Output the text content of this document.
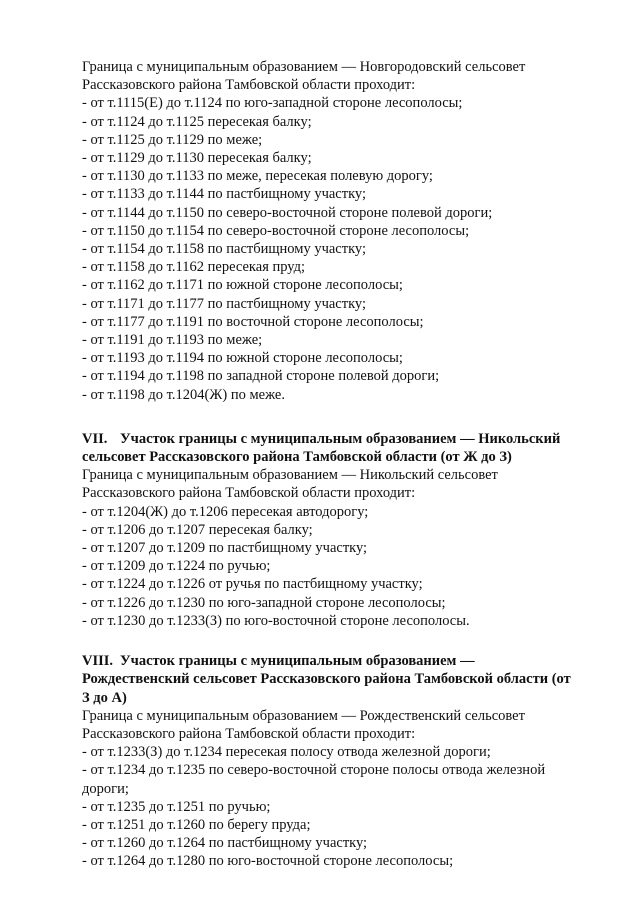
Граница с муниципальным образованием — Новгородовский сельсовет
Рассказовского района Тамбовской области проходит:
- от т.1115(Е) до т.1124 по юго-западной стороне лесополосы;
- от т.1124 до т.1125 пересекая балку;
- от т.1125 до т.1129 по меже;
- от т.1129 до т.1130 пересекая балку;
- от т.1130 до т.1133 по меже, пересекая полевую дорогу;
- от т.1133 до т.1144 по пастбищному участку;
- от т.1144 до т.1150 по северо-восточной стороне полевой дороги;
- от т.1150 до т.1154 по северо-восточной стороне лесополосы;
- от т.1154 до т.1158 по пастбищному участку;
- от т.1158 до т.1162 пересекая пруд;
- от т.1162 до т.1171 по южной стороне лесополосы;
- от т.1171 до т.1177 по пастбищному участку;
- от т.1177 до т.1191 по восточной стороне лесополосы;
- от т.1191 до т.1193 по меже;
- от т.1193 до т.1194 по южной стороне лесополосы;
- от т.1194 до т.1198 по западной стороне полевой дороги;
- от т.1198 до т.1204(Ж) по меже.
VII. Участок границы с муниципальным образованием — Никольский
сельсовет Рассказовского района Тамбовской области (от Ж до З)
Граница с муниципальным образованием — Никольский сельсовет
Рассказовского района Тамбовской области проходит:
- от т.1204(Ж) до т.1206 пересекая автодорогу;
- от т.1206 до т.1207 пересекая балку;
- от т.1207 до т.1209 по пастбищному участку;
- от т.1209 до т.1224 по ручью;
- от т.1224 до т.1226 от ручья по пастбищному участку;
- от т.1226 до т.1230 по юго-западной стороне лесополосы;
- от т.1230 до т.1233(З) по юго-восточной стороне лесополосы.
VIII. Участок границы с муниципальным образованием —
Рождественский сельсовет Рассказовского района Тамбовской области (от
З до А)
Граница с муниципальным образованием — Рождественский сельсовет
Рассказовского района Тамбовской области проходит:
- от т.1233(З) до т.1234 пересекая полосу отвода железной дороги;
- от т.1234 до т.1235 по северо-восточной стороне полосы отвода железной
дороги;
- от т.1235 до т.1251 по ручью;
- от т.1251 до т.1260 по берегу пруда;
- от т.1260 до т.1264 по пастбищному участку;
- от т.1264 до т.1280 по юго-восточной стороне лесополосы;
